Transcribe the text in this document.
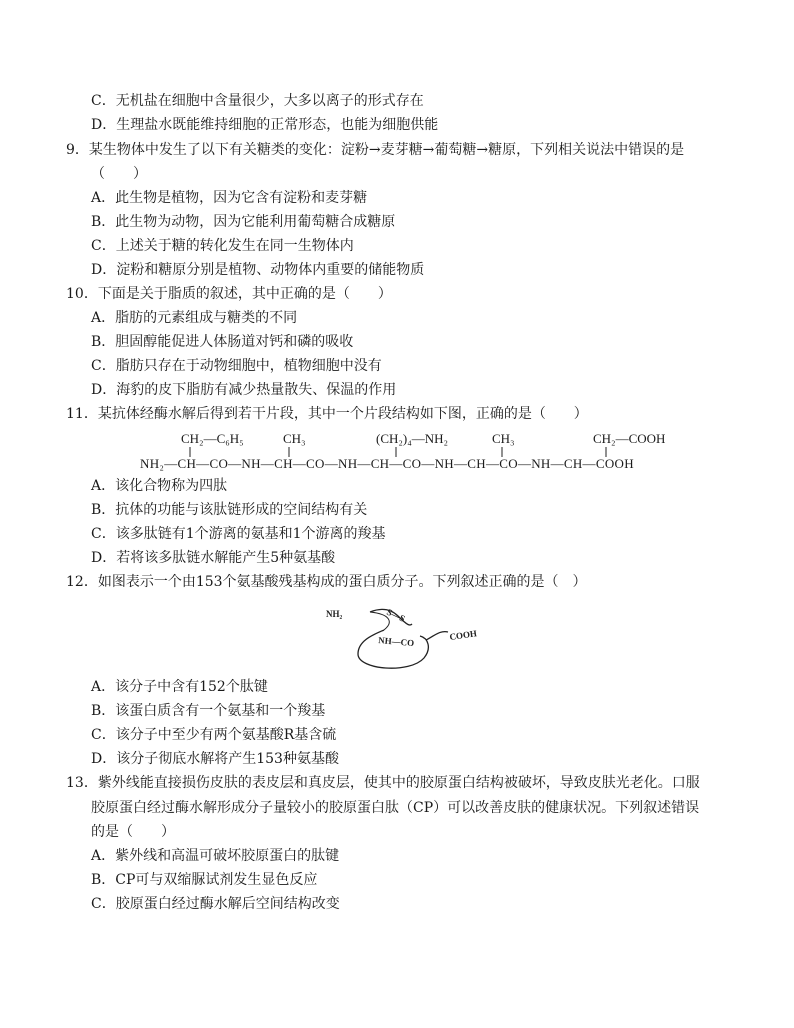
C．无机盐在细胞中含量很少，大多以离子的形式存在
D．生理盐水既能维持细胞的正常形态，也能为细胞供能
9．某生物体中发生了以下有关糖类的变化：淀粉→麦芽糖→葡萄糖→糖原，下列相关说法中错误的是
（　　）
A．此生物是植物，因为它含有淀粉和麦芽糖
B．此生物为动物，因为它能利用葡萄糖合成糖原
C．上述关于糖的转化发生在同一生物体内
D．淀粉和糖原分别是植物、动物体内重要的储能物质
10．下面是关于脂质的叙述，其中正确的是（　　）
A．脂肪的元素组成与糖类的不同
B．胆固醇能促进人体肠道对钙和磷的吸收
C．脂肪只存在于动物细胞中，植物细胞中没有
D．海豹的皮下脂肪有减少热量散失、保温的作用
11．某抗体经酶水解后得到若干片段，其中一个片段结构如下图，正确的是（　　）
CH₂—C₆H₅	CH₃	(CH₂)₄—NH₂	CH₃	CH₂—COOH
NH₂—CH—CO—NH—CH—CO—NH—CH—CO—NH—CH—CO—NH—CH—COOH
A．该化合物称为四肽
B．抗体的功能与该肽链形成的空间结构有关
C．该多肽链有1个游离的氨基和1个游离的羧基
D．若将该多肽链水解能产生5种氨基酸
12．如图表示一个由153个氨基酸残基构成的蛋白质分子。下列叙述正确的是（　）
NH₂	S—S
NH—CO	COOH
A．该分子中含有152个肽键
B．该蛋白质含有一个氨基和一个羧基
C．该分子中至少有两个氨基酸R基含硫
D．该分子彻底水解将产生153种氨基酸
13．紫外线能直接损伤皮肤的表皮层和真皮层，使其中的胶原蛋白结构被破坏，导致皮肤光老化。口服
胶原蛋白经过酶水解形成分子量较小的胶原蛋白肽（CP）可以改善皮肤的健康状况。下列叙述错误
的是（　　）
A．紫外线和高温可破坏胶原蛋白的肽键
B．CP可与双缩脲试剂发生显色反应
C．胶原蛋白经过酶水解后空间结构改变
